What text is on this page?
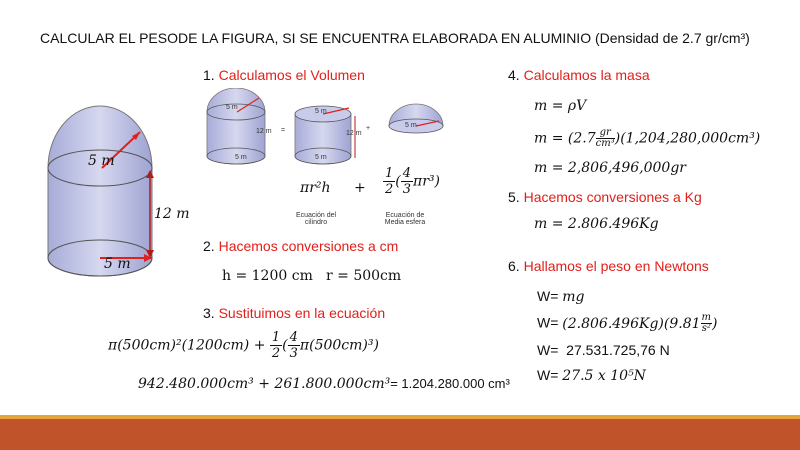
CALCULAR EL PESODE LA FIGURA, SI SE ENCUENTRA ELABORADA EN ALUMINIO (Densidad de 2.7 gr/cm³)
5 m
12 m
5 m
1. Calculamos el Volumen
5 m
5 m
12 m =
5 m
5 m
12 m
+	5 m
$\pi r^2h + \frac{1}{2}$ ( $\frac{4}{3} \pi r^3$)
Ecuación del
cilindro
Ecuación de
Media esfera
2. Hacemos conversiones a cm
h = 1200 cm r = 500cm
3. Sustituimos en la ecuación
$\pi(500cm)^2(1200cm) + \frac{1}{2}$ ( $\frac{4}{3} \pi(500cm)^3$)
942.480.000cm³ + 261.800.000cm³= 1.204.280.000 cm³
4. Calculamos la masa
m = ρV
$m = (2.7 \frac{gr}{\text{cm³}} )(1,204,280,000cm^3)$
m = 2,806,496,000gr
5. Hacemos conversiones a Kg
m = 2.806.496Kg
6. Hallamos el peso en Newtons
W= mg
$W= (2.806.496Kg)(9.81 \frac{m}{\text{s²}}$ )
W= 27.531.725,76 N
W= 27.5 x 10⁵N
